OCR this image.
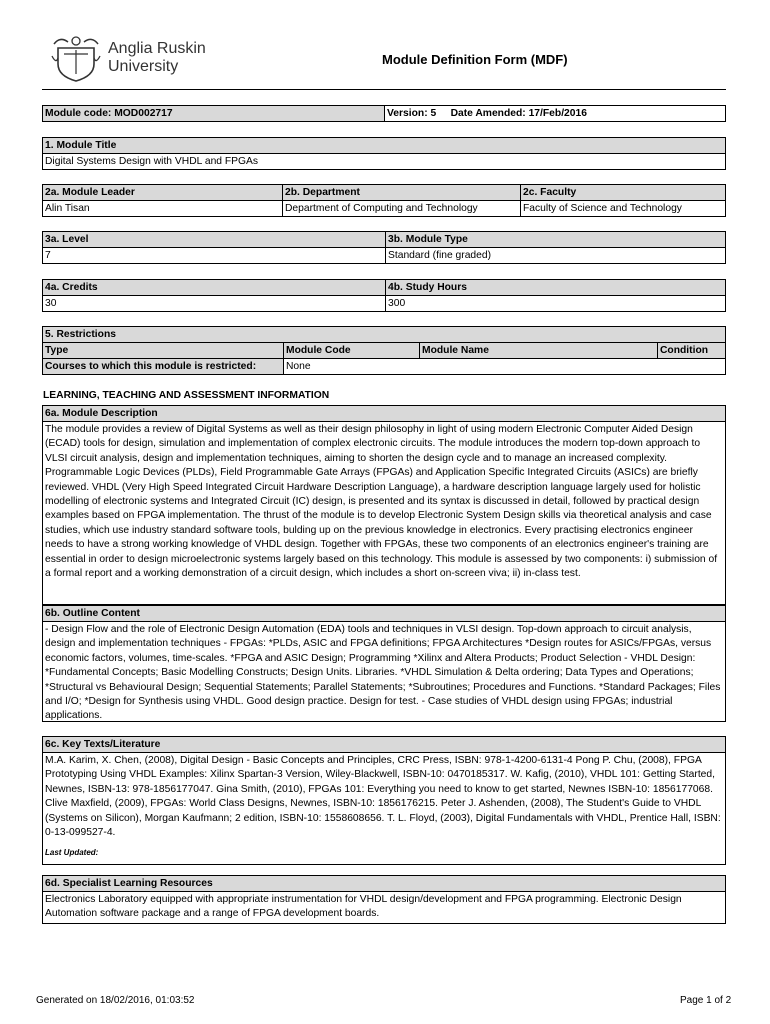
Anglia Ruskin
University	Module Definition Form (MDF)
Module code: MOD002717	Version: 5 Date Amended: 17/Feb/2016
1. Module Title
Digital Systems Design with VHDL and FPGAs
2a. Module Leader	2b. Department	2c. Faculty
Alin Tisan	Department of Computing and Technology	Faculty of Science and Technology
3a. Level	3b. Module Type
7	Standard (fine graded)
4a. Credits	4b. Study Hours
30	300
5. Restrictions
Type	Module Code	Module Name	Condition
Courses to which this module is restricted:	None
LEARNING, TEACHING AND ASSESSMENT INFORMATION
6a. Module Description
The module provides a review of Digital Systems as well as their design philosophy in light of using modern Electronic Computer Aided Design (ECAD) tools for design, simulation and implementation of complex electronic circuits. The module introduces the modern top-down approach to VLSI circuit analysis, design and implementation techniques, aiming to shorten the design cycle and to manage an increased complexity. Programmable Logic Devices (PLDs), Field Programmable Gate Arrays (FPGAs) and Application Specific Integrated Circuits (ASICs) are briefly reviewed. VHDL (Very High Speed Integrated Circuit Hardware Description Language), a hardware description language largely used for holistic modelling of electronic systems and Integrated Circuit (IC) design, is presented and its syntax is discussed in detail, followed by practical design examples based on FPGA implementation. The thrust of the module is to develop Electronic System Design skills via theoretical analysis and case studies, which use industry standard software tools, bulding up on the previous knowledge in electronics. Every practising electronics engineer needs to have a strong working knowledge of VHDL design. Together with FPGAs, these two components of an electronics engineer's training are essential in order to design microelectronic systems largely based on this technology. This module is assessed by two components: i) submission of a formal report and a working demonstration of a circuit design, which includes a short on-screen viva; ii) in-class test.
6b. Outline Content
- Design Flow and the role of Electronic Design Automation (EDA) tools and techniques in VLSI design. Top-down approach to circuit analysis, design and implementation techniques - FPGAs: *PLDs, ASIC and FPGA definitions; FPGA Architectures *Design routes for ASICs/FPGAs, versus economic factors, volumes, time-scales. *FPGA and ASIC Design; Programming *Xilinx and Altera Products; Product Selection - VHDL Design: *Fundamental Concepts; Basic Modelling Constructs; Design Units. Libraries. *VHDL Simulation & Delta ordering; Data Types and Operations; *Structural vs Behavioural Design; Sequential Statements; Parallel Statements; *Subroutines; Procedures and Functions. *Standard Packages; Files and I/O; *Design for Synthesis using VHDL. Good design practice. Design for test. - Case studies of VHDL design using FPGAs; industrial applications.
6c. Key Texts/Literature
M.A. Karim, X. Chen, (2008), Digital Design - Basic Concepts and Principles, CRC Press, ISBN: 978-1-4200-6131-4 Pong P. Chu, (2008), FPGA Prototyping Using VHDL Examples: Xilinx Spartan-3 Version, Wiley-Blackwell, ISBN-10: 0470185317. W. Kafig, (2010), VHDL 101: Getting Started, Newnes, ISBN-13: 978-1856177047. Gina Smith, (2010), FPGAs 101: Everything you need to know to get started, Newnes ISBN-10: 1856177068. Clive Maxfield, (2009), FPGAs: World Class Designs, Newnes, ISBN-10: 1856176215. Peter J. Ashenden, (2008), The Student's Guide to VHDL (Systems on Silicon), Morgan Kaufmann; 2 edition, ISBN-10: 1558608656. T. L. Floyd, (2003), Digital Fundamentals with VHDL, Prentice Hall, ISBN: 0-13-099527-4.
Last Updated:
6d. Specialist Learning Resources
Electronics Laboratory equipped with appropriate instrumentation for VHDL design/development and FPGA programming. Electronic Design Automation software package and a range of FPGA development boards.
Generated on 18/02/2016, 01:03:52	Page 1 of 2
